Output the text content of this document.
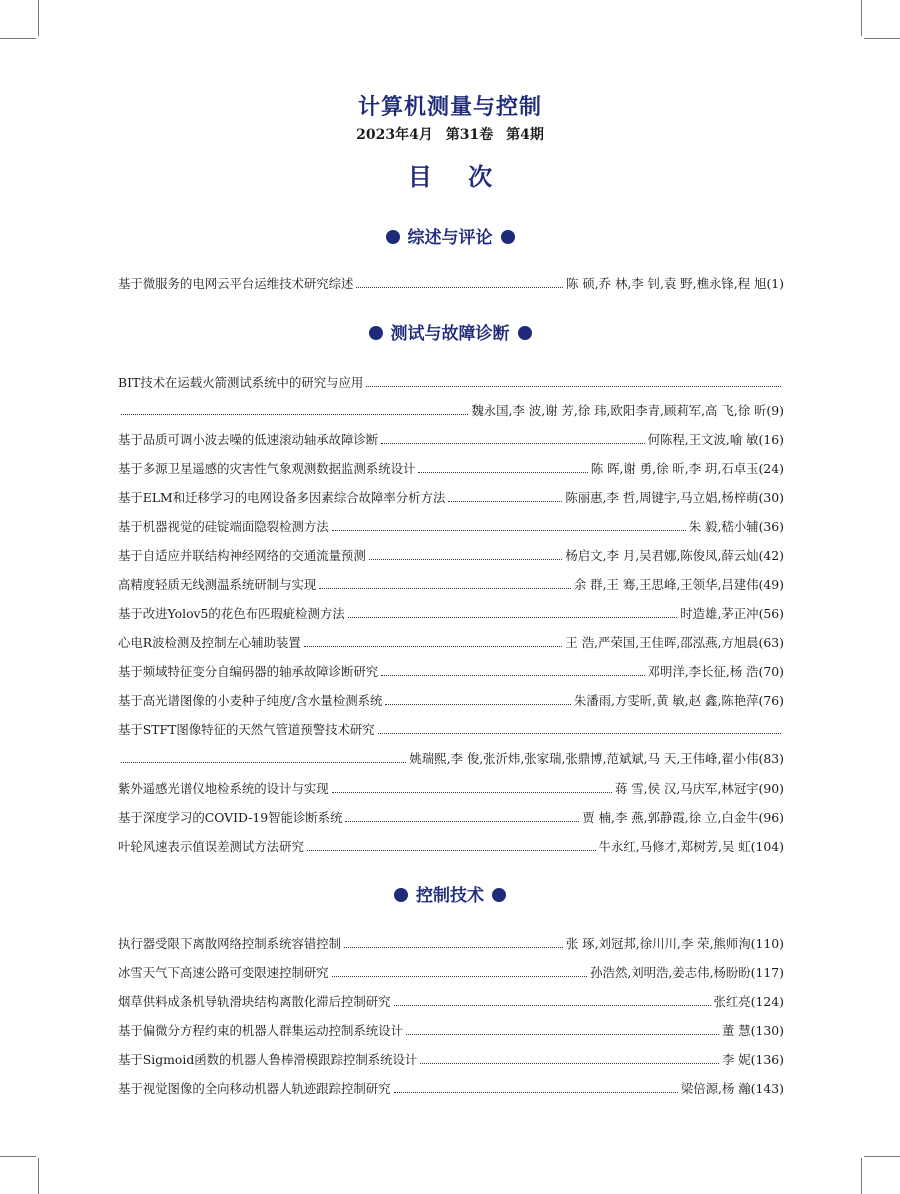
计算机测量与控制
2023年4月 第31卷 第4期
目 次
综述与评论
基于微服务的电网云平台运维技术研究综述	陈 硕,乔 林,李 钊,袁 野,樵永锋,程 旭(1)
测试与故障诊断
BIT技术在运载火箭测试系统中的研究与应用
魏永国,李 波,谢 芳,徐 玮,欧阳李青,顾莉军,高 飞,徐 昕(9)
基于品质可调小波去噪的低速滚动轴承故障诊断	何陈程,王文波,喻 敏(16)
基于多源卫星遥感的灾害性气象观测数据监测系统设计	陈 晖,谢 勇,徐 昕,李 玥,石卓玉(24)
基于ELM和迁移学习的电网设备多因素综合故障率分析方法	陈丽惠,李 哲,周键宇,马立娼,杨梓萌(30)
基于机器视觉的硅锭端面隐裂检测方法	朱 毅,嵇小辅(36)
基于自适应并联结构神经网络的交通流量预测	杨启文,李 月,吴君娜,陈俊凤,薛云灿(42)
高精度轻质无线测温系统研制与实现	余 群,王 骞,王思峰,王领华,吕建伟(49)
基于改进Yolov5的花色布匹瑕疵检测方法	时造雄,茅正冲(56)
心电R波检测及控制左心辅助装置	王 浩,严荣国,王佳晖,邵泓燕,方旭晨(63)
基于频域特征变分自编码器的轴承故障诊断研究	邓明洋,李长征,杨 浩(70)
基于高光谱图像的小麦种子纯度/含水量检测系统	朱潘雨,方雯昕,黄 敏,赵 鑫,陈艳萍(76)
基于STFT图像特征的天然气管道预警技术研究
姚瑞熙,李 俊,张沂炜,张家瑞,张鼎博,范斌斌,马 天,王伟峰,翟小伟(83)
紫外遥感光谱仪地检系统的设计与实现	蒋 雪,侯 汉,马庆军,林冠宇(90)
基于深度学习的COVID-19智能诊断系统	贾 楠,李 燕,郭静霞,徐 立,白金牛(96)
叶轮风速表示值误差测试方法研究	牛永红,马修才,郑树芳,吴 虹(104)
控制技术
执行器受限下离散网络控制系统容错控制	张 琢,刘冠邦,徐川川,李 荣,熊师洵(110)
冰雪天气下高速公路可变限速控制研究	孙浩然,刘明浩,姜志伟,杨盼盼(117)
烟草供料成条机导轨滑块结构离散化滞后控制研究	张红亮(124)
基于偏微分方程约束的机器人群集运动控制系统设计	董 慧(130)
基于Sigmoid函数的机器人鲁棒滑模跟踪控制系统设计	李 妮(136)
基于视觉图像的全向移动机器人轨迹跟踪控制研究	梁倍源,杨 瀚(143)
